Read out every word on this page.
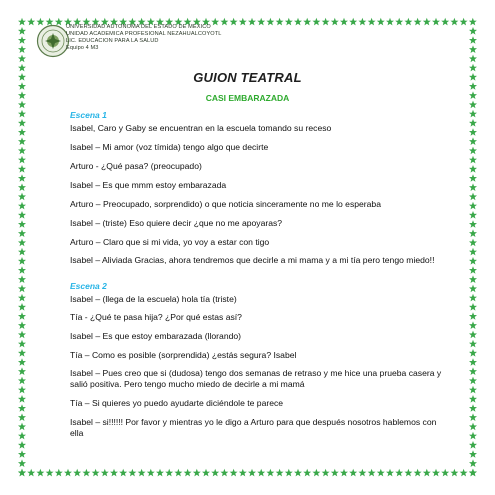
UNIVERSIDAD AUTONOMA DEL ESTADO DE MEXICO
UNIDAD ACADEMICA PROFESIONAL NEZAHUALCOYOTL
LIC. EDUCACION PARA LA SALUD
Equipo 4 M3
GUION TEATRAL
CASI EMBARAZADA
Escena 1
Isabel, Caro y Gaby se encuentran en la escuela tomando su receso
Isabel – Mi amor (voz tímida) tengo algo que decirte
Arturo - ¿Qué pasa? (preocupado)
Isabel – Es que mmm estoy embarazada
Arturo – Preocupado, sorprendido) o que noticia sinceramente no me lo esperaba
Isabel – (triste) Eso quiere decir ¿que no me apoyaras?
Arturo – Claro que si mi vida, yo voy a estar con tigo
Isabel – Aliviada Gracias, ahora tendremos que decirle a mi mama y a mi tía pero tengo miedo!!
Escena 2
Isabel – (llega de la escuela) hola tía (triste)
Tía - ¿Qué te pasa hija? ¿Por qué estas así?
Isabel – Es que estoy embarazada (llorando)
Tía – Como es posible (sorprendida) ¿estás segura? Isabel
Isabel – Pues creo que si (dudosa) tengo dos semanas de retraso y me hice una prueba casera y salió positiva. Pero tengo mucho miedo de decirle a mi mamá
Tía – Si quieres yo puedo ayudarte diciéndole te parece
Isabel – si!!!!!! Por favor y mientras yo le digo a Arturo para que después nosotros hablemos con ella
